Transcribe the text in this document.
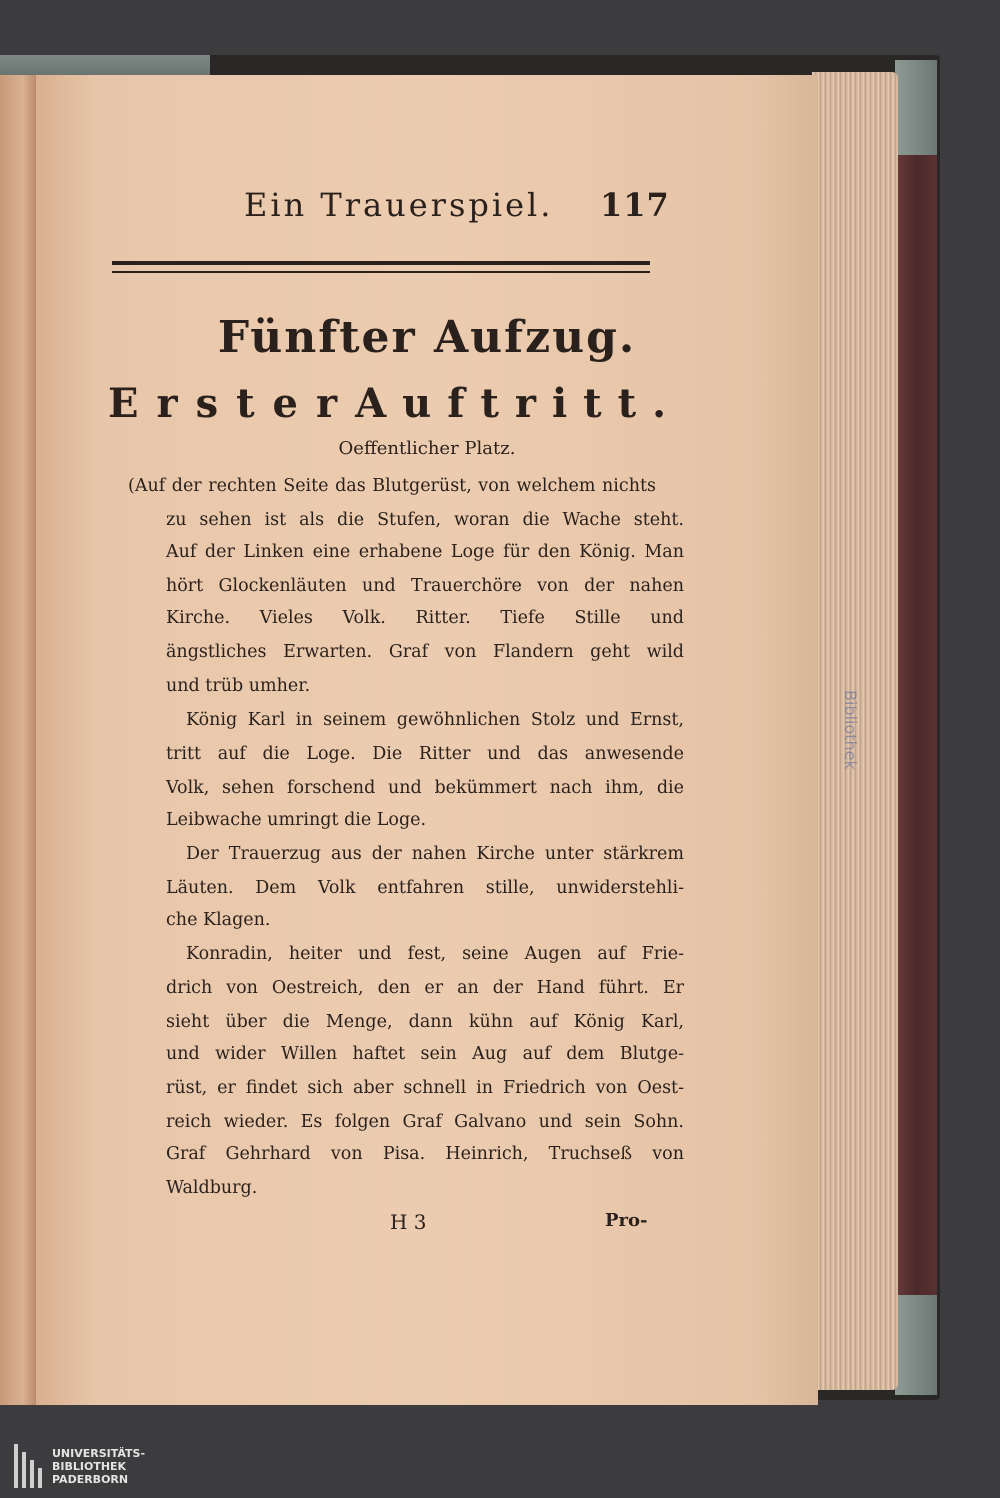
Bibliothek
Ein Trauerspiel. 117
Fünfter Aufzug.
Erster Auftritt.
Oeffentlicher Platz.
(Auf der rechten Seite das Blutgerüst, von welchem nichts
zu sehen ist als die Stufen, woran die Wache steht.
Auf der Linken eine erhabene Loge für den König. Man
hört Glockenläuten und Trauerchöre von der nahen
Kirche. Vieles Volk. Ritter. Tiefe Stille und
ängstliches Erwarten. Graf von Flandern geht wild
und trüb umher.
König Karl in seinem gewöhnlichen Stolz und Ernst,
tritt auf die Loge. Die Ritter und das anwesende
Volk, sehen forschend und bekümmert nach ihm, die
Leibwache umringt die Loge.
Der Trauerzug aus der nahen Kirche unter stärkrem
Läuten. Dem Volk entfahren stille, unwiderstehli-
che Klagen.
Konradin, heiter und fest, seine Augen auf Frie-
drich von Oestreich, den er an der Hand führt. Er
sieht über die Menge, dann kühn auf König Karl,
und wider Willen haftet sein Aug auf dem Blutge-
rüst, er findet sich aber schnell in Friedrich von Oest-
reich wieder. Es folgen Graf Galvano und sein Sohn.
Graf Gehrhard von Pisa. Heinrich, Truchseß von
Waldburg.
H 3	Pro-
UNIVERSITÄTS-
BIBLIOTHEK
PADERBORN
